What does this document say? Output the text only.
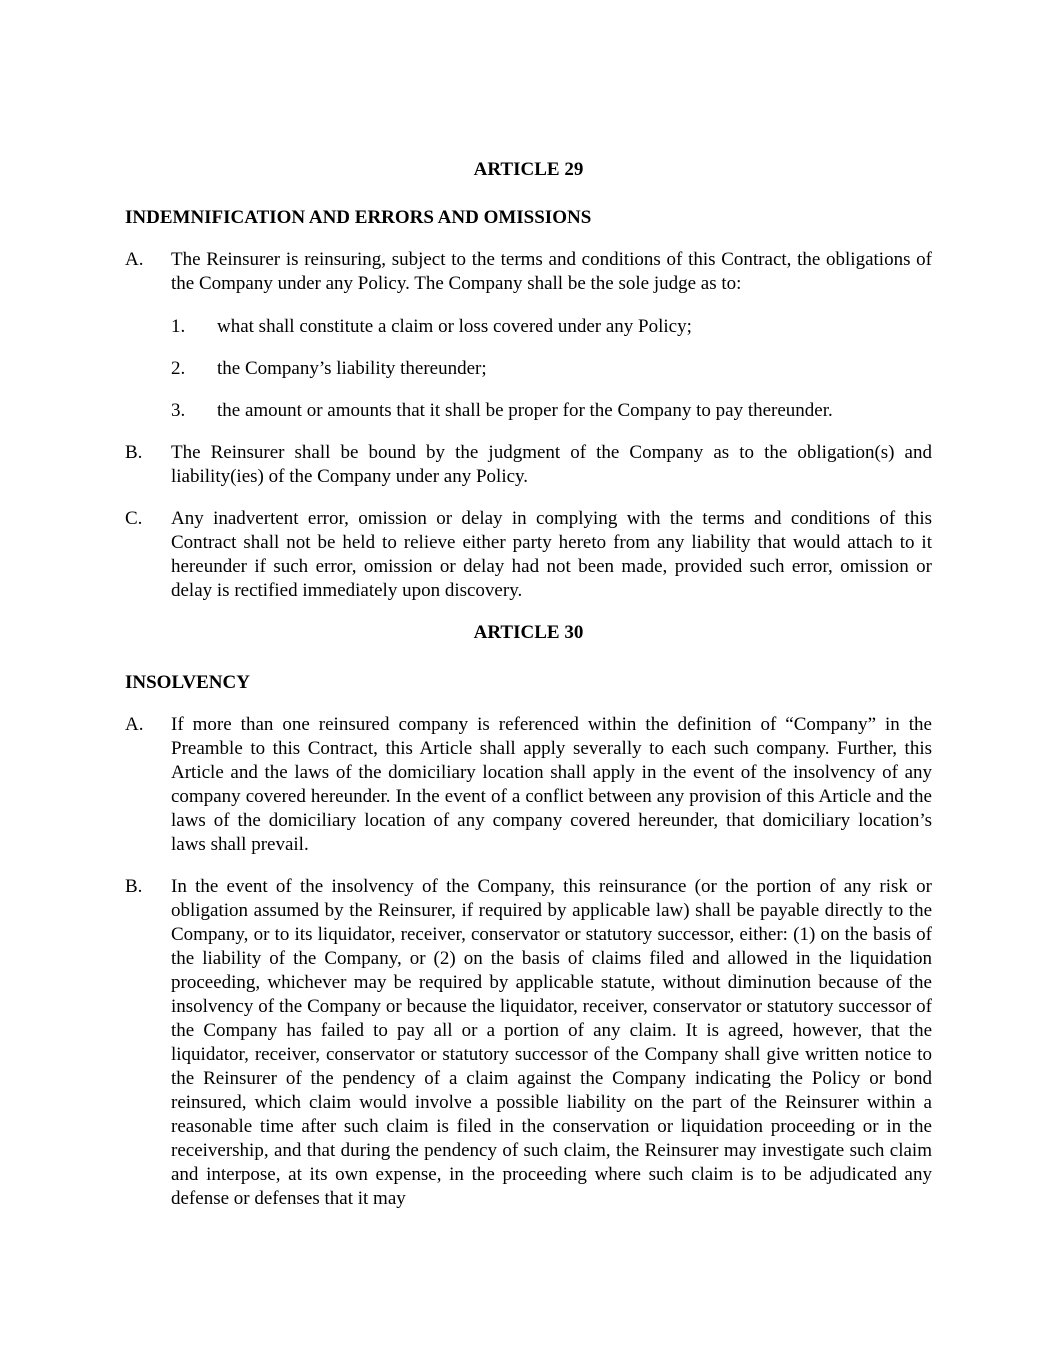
ARTICLE 29

INDEMNIFICATION AND ERRORS AND OMISSIONS

A. The Reinsurer is reinsuring, subject to the terms and conditions of this Contract, the obligations of the Company under any Policy. The Company shall be the sole judge as to:
1. what shall constitute a claim or loss covered under any Policy;
2. the Company’s liability thereunder;
3. the amount or amounts that it shall be proper for the Company to pay thereunder.
B. The Reinsurer shall be bound by the judgment of the Company as to the obligation(s) and liability(ies) of the Company under any Policy.
C. Any inadvertent error, omission or delay in complying with the terms and conditions of this Contract shall not be held to relieve either party hereto from any liability that would attach to it hereunder if such error, omission or delay had not been made, provided such error, omission or delay is rectified immediately upon discovery.

ARTICLE 30

INSOLVENCY

A. If more than one reinsured company is referenced within the definition of “Company” in the Preamble to this Contract, this Article shall apply severally to each such company. Further, this Article and the laws of the domiciliary location shall apply in the event of the insolvency of any company covered hereunder. In the event of a conflict between any provision of this Article and the laws of the domiciliary location of any company covered hereunder, that domiciliary location’s laws shall prevail.
B. In the event of the insolvency of the Company, this reinsurance (or the portion of any risk or obligation assumed by the Reinsurer, if required by applicable law) shall be payable directly to the Company, or to its liquidator, receiver, conservator or statutory successor, either: (1) on the basis of the liability of the Company, or (2) on the basis of claims filed and allowed in the liquidation proceeding, whichever may be required by applicable statute, without diminution because of the insolvency of the Company or because the liquidator, receiver, conservator or statutory successor of the Company has failed to pay all or a portion of any claim. It is agreed, however, that the liquidator, receiver, conservator or statutory successor of the Company shall give written notice to the Reinsurer of the pendency of a claim against the Company indicating the Policy or bond reinsured, which claim would involve a possible liability on the part of the Reinsurer within a reasonable time after such claim is filed in the conservation or liquidation proceeding or in the receivership, and that during the pendency of such claim, the Reinsurer may investigate such claim and interpose, at its own expense, in the proceeding where such claim is to be adjudicated any defense or defenses that it may
